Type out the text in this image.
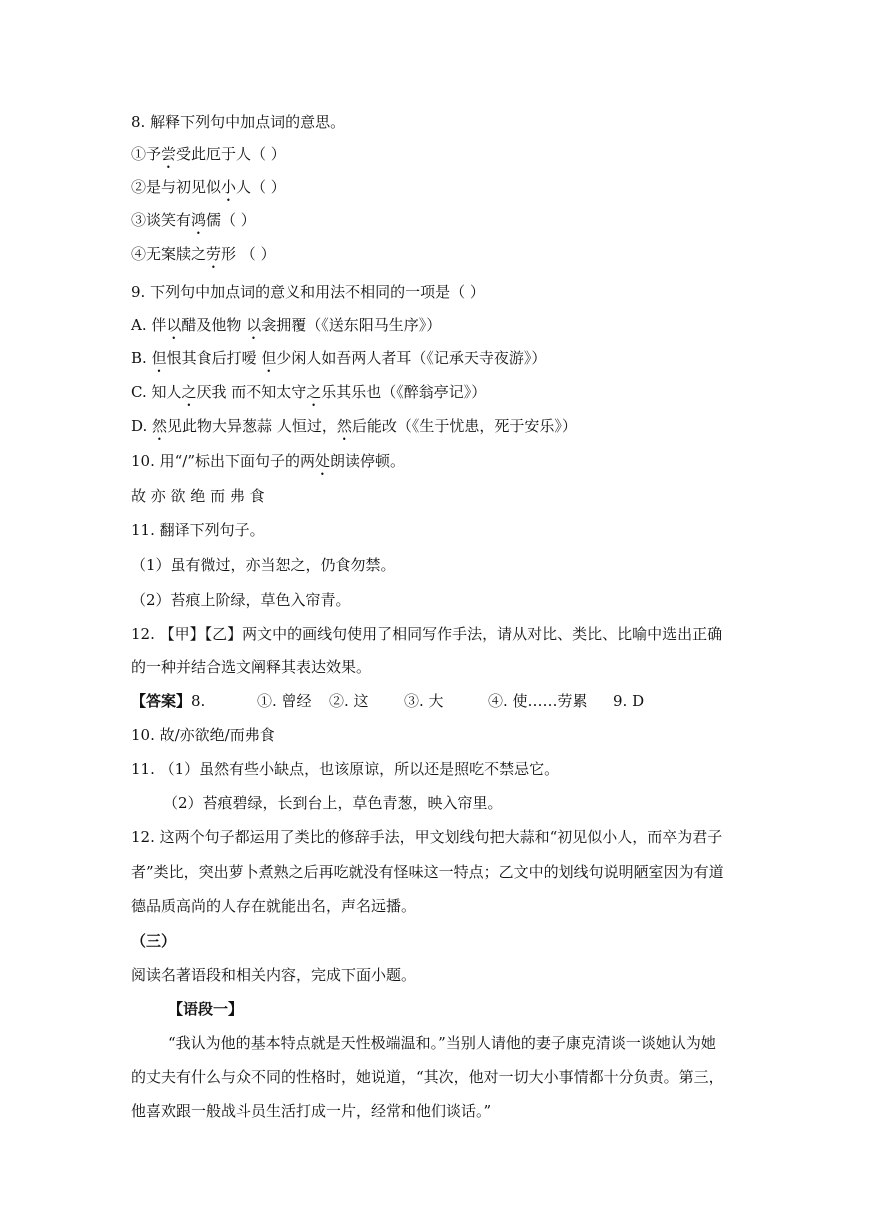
8. 解释下列句中加点词的意思。
①予尝受此厄于人（ ）
②是与初见似小人（ ）
③谈笑有鸿儒（ ）
④无案牍之劳形 （ ）
9. 下列句中加点词的意义和用法不相同的一项是（ ）
A. 伴以醋及他物 以衾拥覆（《送东阳马生序》）
B. 但恨其食后打嗳 但少闲人如吾两人者耳（《记承天寺夜游》）
C. 知人之厌我 而不知太守之乐其乐也（《醉翁亭记》）
D. 然见此物大异葱蒜 人恒过，然后能改（《生于忧患，死于安乐》）
10. 用“/”标出下面句子的两处朗读停顿。
故 亦 欲 绝 而 弗 食
11. 翻译下列句子。
（1）虽有微过，亦当恕之，仍食勿禁。
（2）苔痕上阶绿，草色入帘青。
12. 【甲】【乙】两文中的画线句使用了相同写作手法，请从对比、类比、比喻中选出正确
的一种并结合选文阐释其表达效果。
【答案】8.	①. 曾经 ②. 这 ③. 大	④. 使……劳累 9. D
10. 故/亦欲绝/而弗食
11. （1）虽然有些小缺点，也该原谅，所以还是照吃不禁忌它。
（2）苔痕碧绿，长到台上，草色青葱，映入帘里。
12. 这两个句子都运用了类比的修辞手法，甲文划线句把大蒜和“初见似小人，而卒为君子
者”类比，突出萝卜煮熟之后再吃就没有怪味这一特点；乙文中的划线句说明陋室因为有道
德品质高尚的人存在就能出名，声名远播。
（三）
阅读名著语段和相关内容，完成下面小题。
【语段一】
“我认为他的基本特点就是天性极端温和。”当别人请他的妻子康克清谈一谈她认为她
的丈夫有什么与众不同的性格时，她说道，“其次，他对一切大小事情都十分负责。第三，
他喜欢跟一般战斗员生活打成一片，经常和他们谈话。”
